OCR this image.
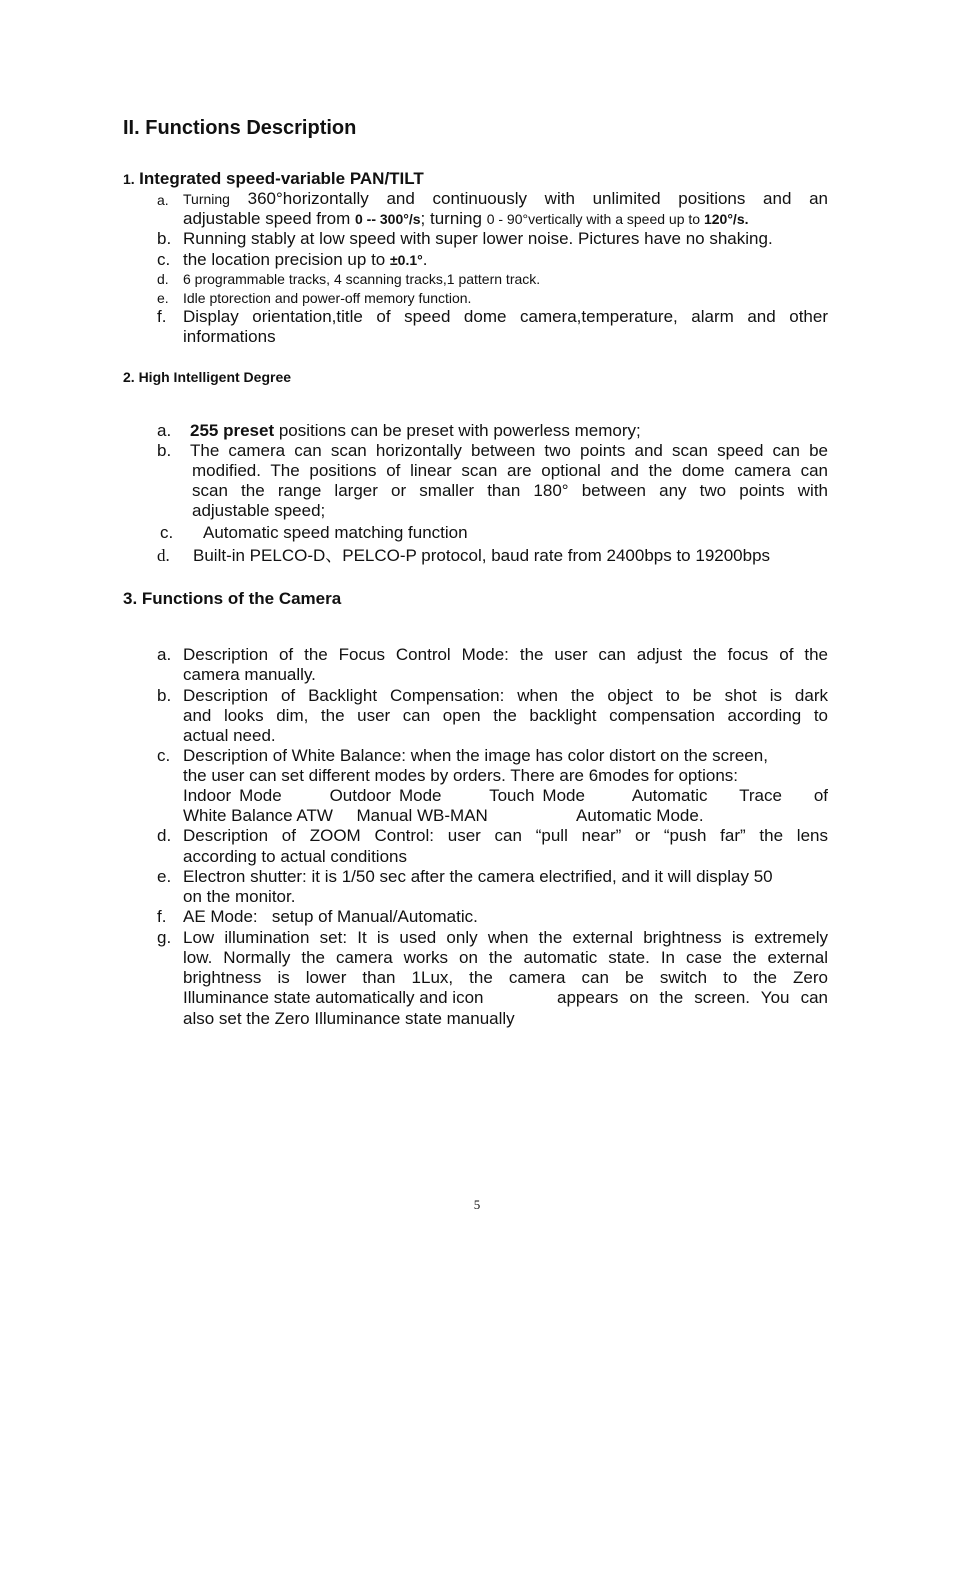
II. Functions Description
1. Integrated speed-variable PAN/TILT
a. Turning 360°horizontally and continuously with unlimited positions and an
adjustable speed from 0 -- 300°/s; turning 0 - 90°vertically with a speed up to 120°/s.
b. Running stably at low speed with super lower noise. Pictures have no shaking.
c. the location precision up to ±0.1°.
d. 6 programmable tracks, 4 scanning tracks,1 pattern track.
e. Idle ptorection and power-off memory function.
f. Display orientation,title of speed dome camera,temperature, alarm and other
informations
2. High Intelligent Degree
a. 255 preset positions can be preset with powerless memory;
b. The camera can scan horizontally between two points and scan speed can be
modified. The positions of linear scan are optional and the dome camera can
scan the range larger or smaller than 180° between any two points with
adjustable speed;
c. Automatic speed matching function
d. Built-in PELCO-D、PELCO-P protocol, baud rate from 2400bps to 19200bps
3. Functions of the Camera
a. Description of the Focus Control Mode: the user can adjust the focus of the
camera manually.
b. Description of Backlight Compensation: when the object to be shot is dark
and looks dim, the user can open the backlight compensation according to
actual need.
c. Description of White Balance: when the image has color distort on the screen,
the user can set different modes by orders. There are 6modes for options:
Indoor Mode      Outdoor Mode      Touch Mode      Automatic    Trace    of
White Balance ATW     Manual WB-MAN	Automatic Mode.
d. Description of ZOOM Control: user can “pull near” or “push far” the lens
according to actual conditions
e. Electron shutter: it is 1/50 sec after the camera electrified, and it will display 50
on the monitor.
f. AE Mode:   setup of Manual/Automatic.
g. Low illumination set: It is used only when the external brightness is extremely
low. Normally the camera works on the automatic state. In case the external
brightness is lower than 1Lux, the camera can be switch to the Zero
Illuminance state automatically and icon	appears on the screen. You can
also set the Zero Illuminance state manually
5
